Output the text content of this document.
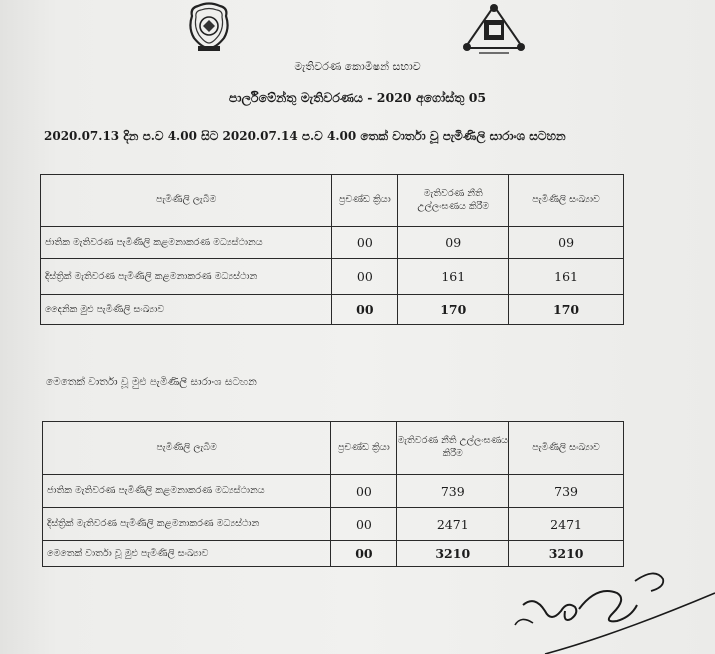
මැතිවරණ කොමිෂන් සභාව
පාර්ලිමේන්තු මැතිවරණය - 2020 අගෝස්තු 05
2020.07.13 දින ප.ව 4.00 සිට 2020.07.14 ප.ව 4.00 තෙක් වාර්තා වූ පැමිණිලි සාරාංශ සටහන
පැමිණිලි ලැබීම	ප්‍රචණ්ඩ ක්‍රියා	මැතිවරණ නීති උල්ලංඝණය කිරීම	පැමිණිලි සංඛ්‍යාව
ජාතික මැතිවරණ පැමිණිලි කළමනාකරණ මධ්‍යස්ථානය	00	09	09
දිස්ත්‍රික් මැතිවරණ පැමිණිලි කළමනාකරණ මධ්‍යස්ථාන	00	161	161
දෛනික මුළු පැමිණිලි සංඛ්‍යාව	00	170	170
මෙතෙක් වාර්තා වූ මුළු පැමිණිලි සාරාංශ සටහන
පැමිණිලි ලැබීම	ප්‍රචණ්ඩ ක්‍රියා	මැතිවරණ නීති උල්ලංඝණය කිරීම	පැමිණිලි සංඛ්‍යාව
ජාතික මැතිවරණ පැමිණිලි කළමනාකරණ මධ්‍යස්ථානය	00	739	739
දිස්ත්‍රික් මැතිවරණ පැමිණිලි කළමනාකරණ මධ්‍යස්ථාන	00	2471	2471
මෙතෙක් වාර්තා වූ මුළු පැමිණිලි සංඛ්‍යාව	00	3210	3210
